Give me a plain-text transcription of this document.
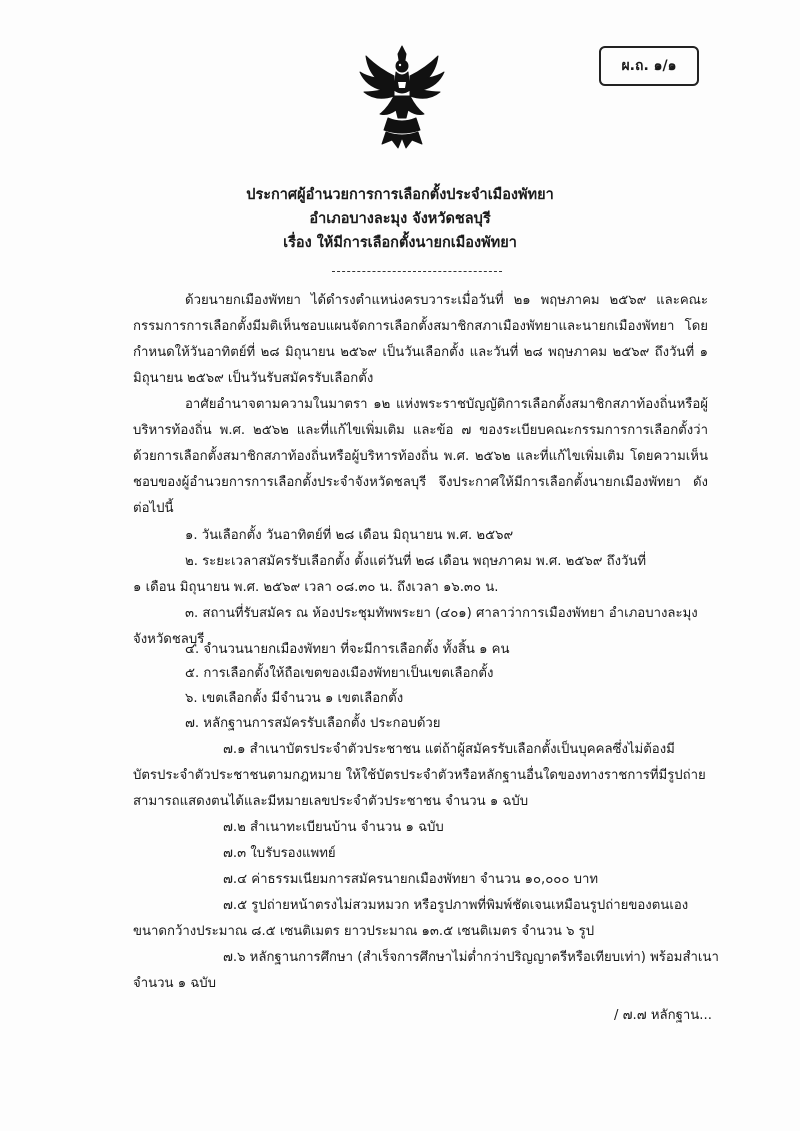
ผ.ถ. ๑/๑
ประกาศผู้อำนวยการการเลือกตั้งประจำเมืองพัทยา
อำเภอบางละมุง จังหวัดชลบุรี
เรื่อง ให้มีการเลือกตั้งนายกเมืองพัทยา
ด้วยนายกเมืองพัทยา ได้ดำรงตำแหน่งครบวาระเมื่อวันที่ ๒๑ พฤษภาคม ๒๕๖๙ และคณะกรรมการการเลือกตั้งมีมติเห็นชอบแผนจัดการเลือกตั้งสมาชิกสภาเมืองพัทยาและนายกเมืองพัทยา โดยกำหนดให้วันอาทิตย์ที่ ๒๘ มิถุนายน ๒๕๖๙ เป็นวันเลือกตั้ง และวันที่ ๒๘ พฤษภาคม ๒๕๖๙ ถึงวันที่ ๑ มิถุนายน ๒๕๖๙ เป็นวันรับสมัครรับเลือกตั้ง
อาศัยอำนาจตามความในมาตรา ๑๒ แห่งพระราชบัญญัติการเลือกตั้งสมาชิกสภาท้องถิ่นหรือผู้บริหารท้องถิ่น พ.ศ. ๒๕๖๒ และที่แก้ไขเพิ่มเติม และข้อ ๗ ของระเบียบคณะกรรมการการเลือกตั้งว่าด้วยการเลือกตั้งสมาชิกสภาท้องถิ่นหรือผู้บริหารท้องถิ่น พ.ศ. ๒๕๖๒ และที่แก้ไขเพิ่มเติม โดยความเห็นชอบของผู้อำนวยการการเลือกตั้งประจำจังหวัดชลบุรี จึงประกาศให้มีการเลือกตั้งนายกเมืองพัทยา ดังต่อไปนี้
๑. วันเลือกตั้ง วันอาทิตย์ที่ ๒๘ เดือน มิถุนายน พ.ศ. ๒๕๖๙
๒. ระยะเวลาสมัครรับเลือกตั้ง ตั้งแต่วันที่ ๒๘ เดือน พฤษภาคม พ.ศ. ๒๕๖๙ ถึงวันที่
๑ เดือน มิถุนายน พ.ศ. ๒๕๖๙ เวลา ๐๘.๓๐ น. ถึงเวลา ๑๖.๓๐ น.
๓. สถานที่รับสมัคร ณ ห้องประชุมทัพพระยา (๔๐๑) ศาลาว่าการเมืองพัทยา อำเภอบางละมุง
จังหวัดชลบุรี
๔. จำนวนนายกเมืองพัทยา ที่จะมีการเลือกตั้ง ทั้งสิ้น ๑ คน
๕. การเลือกตั้งให้ถือเขตของเมืองพัทยาเป็นเขตเลือกตั้ง
๖. เขตเลือกตั้ง มีจำนวน ๑ เขตเลือกตั้ง
๗. หลักฐานการสมัครรับเลือกตั้ง ประกอบด้วย
๗.๑ สำเนาบัตรประจำตัวประชาชน แต่ถ้าผู้สมัครรับเลือกตั้งเป็นบุคคลซึ่งไม่ต้องมี
บัตรประจำตัวประชาชนตามกฎหมาย ให้ใช้บัตรประจำตัวหรือหลักฐานอื่นใดของทางราชการที่มีรูปถ่าย
สามารถแสดงตนได้และมีหมายเลขประจำตัวประชาชน จำนวน ๑ ฉบับ
๗.๒ สำเนาทะเบียนบ้าน จำนวน ๑ ฉบับ
๗.๓ ใบรับรองแพทย์
๗.๔ ค่าธรรมเนียมการสมัครนายกเมืองพัทยา จำนวน ๑๐,๐๐๐ บาท
๗.๕ รูปถ่ายหน้าตรงไม่สวมหมวก หรือรูปภาพที่พิมพ์ชัดเจนเหมือนรูปถ่ายของตนเอง
ขนาดกว้างประมาณ ๘.๕ เซนติเมตร ยาวประมาณ ๑๓.๕ เซนติเมตร จำนวน ๖ รูป
๗.๖ หลักฐานการศึกษา (สำเร็จการศึกษาไม่ต่ำกว่าปริญญาตรีหรือเทียบเท่า) พร้อมสำเนา
จำนวน ๑ ฉบับ
/ ๗.๗ หลักฐาน...
